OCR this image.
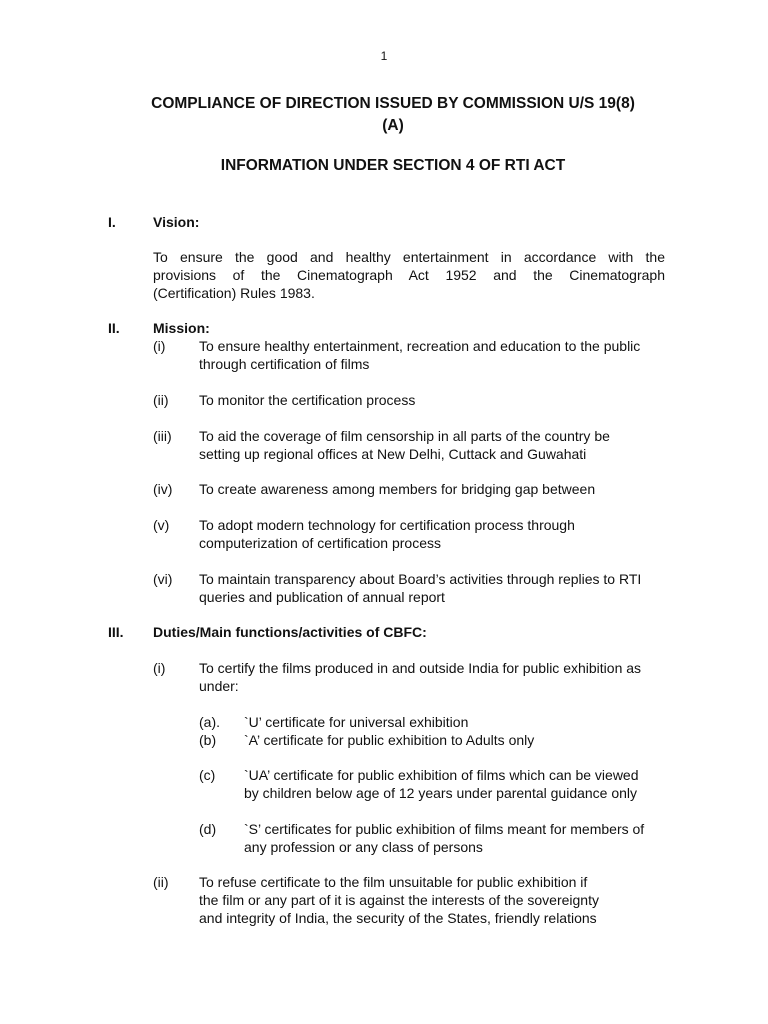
1
COMPLIANCE OF DIRECTION ISSUED BY COMMISSION U/S 19(8)
(A)
INFORMATION UNDER SECTION 4 OF RTI ACT
I.	Vision:
To ensure the good and healthy entertainment in accordance with the
provisions of the Cinematograph Act 1952 and the Cinematograph
(Certification) Rules 1983.
II. Mission:
(i) To ensure healthy entertainment, recreation and education to the public
through certification of films
(ii) To monitor the certification process
(iii) To aid the coverage of film censorship in all parts of the country be
setting up regional offices at New Delhi, Cuttack and Guwahati
(iv) To create awareness among members for bridging gap between
(v) To adopt modern technology for certification process through
computerization of certification process
(vi) To maintain transparency about Board’s activities through replies to RTI
queries and publication of annual report
III. Duties/Main functions/activities of CBFC:
(i) To certify the films produced in and outside India for public exhibition as
under:
(a). `U’ certificate for universal exhibition
(b) `A’ certificate for public exhibition to Adults only
(c) `UA’ certificate for public exhibition of films which can be viewed
by children below age of 12 years under parental guidance only
(d) `S’ certificates for public exhibition of films meant for members of
any profession or any class of persons
(ii) To refuse certificate to the film unsuitable for public exhibition if
the film or any part of it is against the interests of the sovereignty
and integrity of India, the security of the States, friendly relations
